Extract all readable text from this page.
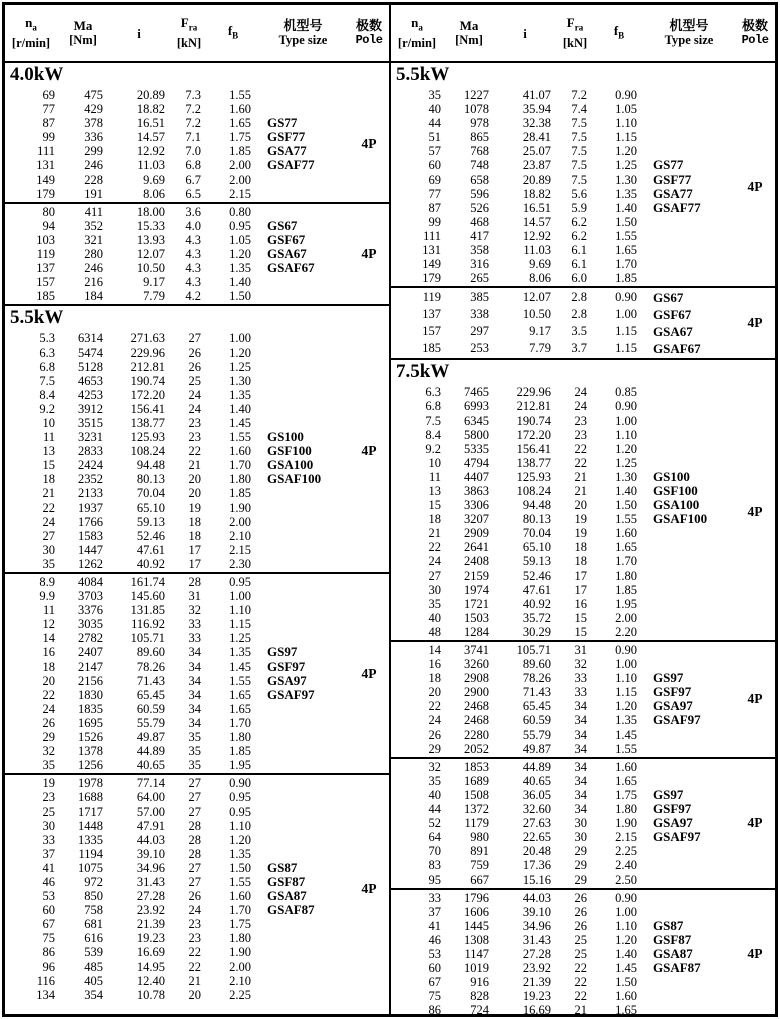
$n_a$
[r/min]
Ma
[Nm]	i
$F_{ra}$
[kN]
$f_B$
机型号
Type size
极数
Pole
4.0kW
69	475	20.89	7.3	1.55
77	429	18.82	7.2	1.60
87	378	16.51	7.2	1.65	GS77
99	336	14.57	7.1	1.75	GSF77
111	299	12.92	7.0	1.85	GSA77
131	246	11.03	6.8	2.00	GSAF77
149	228	9.69	6.7	2.00
179	191	8.06	6.5	2.15
4P
80	411	18.00	3.6	0.80
94	352	15.33	4.0	0.95	GS67
103	321	13.93	4.3	1.05	GSF67
119	280	12.07	4.3	1.20	GSA67
137	246	10.50	4.3	1.35	GSAF67
157	216	9.17	4.3	1.40
185	184	7.79	4.2	1.50
4P
5.5kW
5.3	6314	271.63	27	1.00
6.3	5474	229.96	26	1.20
6.8	5128	212.81	26	1.25
7.5	4653	190.74	25	1.30
8.4	4253	172.20	24	1.35
9.2	3912	156.41	24	1.40
10	3515	138.77	23	1.45
11	3231	125.93	23	1.55	GS100
13	2833	108.24	22	1.60	GSF100
15	2424	94.48	21	1.70	GSA100
18	2352	80.13	20	1.80	GSAF100
21	2133	70.04	20	1.85
22	1937	65.10	19	1.90
24	1766	59.13	18	2.00
27	1583	52.46	18	2.10
30	1447	47.61	17	2.15
35	1262	40.92	17	2.30
4P
8.9	4084	161.74	28	0.95
9.9	3703	145.60	31	1.00
11	3376	131.85	32	1.10
12	3035	116.92	33	1.15
14	2782	105.71	33	1.25
16	2407	89.60	34	1.35	GS97
18	2147	78.26	34	1.45	GSF97
20	2156	71.43	34	1.55	GSA97
22	1830	65.45	34	1.65	GSAF97
24	1835	60.59	34	1.65
26	1695	55.79	34	1.70
29	1526	49.87	35	1.80
32	1378	44.89	35	1.85
35	1256	40.65	35	1.95
4P
19	1978	77.14	27	0.90
23	1688	64.00	27	0.95
25	1717	57.00	27	0.95
30	1448	47.91	28	1.10
33	1335	44.03	28	1.20
37	1194	39.10	28	1.35
41	1075	34.96	27	1.50	GS87
46	972	31.43	27	1.55	GSF87
53	850	27.28	26	1.60	GSA87
60	758	23.92	24	1.70	GSAF87
67	681	21.39	23	1.75
75	616	19.23	23	1.80
86	539	16.69	22	1.90
96	485	14.95	22	2.00
116	405	12.40	21	2.10
134	354	10.78	20	2.25
4P
$n_a$
[r/min]
Ma
[Nm]	i
$F_{ra}$
[kN]
$f_B$
机型号
Type size
极数
Pole
5.5kW
35	1227	41.07	7.2	0.90
40	1078	35.94	7.4	1.05
44	978	32.38	7.5	1.10
51	865	28.41	7.5	1.15
57	768	25.07	7.5	1.20
60	748	23.87	7.5	1.25	GS77
69	658	20.89	7.5	1.30	GSF77
77	596	18.82	5.6	1.35	GSA77
87	526	16.51	5.9	1.40	GSAF77
99	468	14.57	6.2	1.50
111	417	12.92	6.2	1.55
131	358	11.03	6.1	1.65
149	316	9.69	6.1	1.70
179	265	8.06	6.0	1.85
4P
119	385	12.07	2.8	0.90	GS67
137	338	10.50	2.8	1.00	GSF67
157	297	9.17	3.5	1.15	GSA67
185	253	7.79	3.7	1.15	GSAF67
4P
7.5kW
6.3	7465	229.96	24	0.85
6.8	6993	212.81	24	0.90
7.5	6345	190.74	23	1.00
8.4	5800	172.20	23	1.10
9.2	5335	156.41	22	1.20
10	4794	138.77	22	1.25
11	4407	125.93	21	1.30	GS100
13	3863	108.24	21	1.40	GSF100
15	3306	94.48	20	1.50	GSA100
18	3207	80.13	19	1.55	GSAF100
21	2909	70.04	19	1.60
22	2641	65.10	18	1.65
24	2408	59.13	18	1.70
27	2159	52.46	17	1.80
30	1974	47.61	17	1.85
35	1721	40.92	16	1.95
40	1503	35.72	15	2.00
48	1284	30.29	15	2.20
4P
14	3741	105.71	31	0.90
16	3260	89.60	32	1.00
18	2908	78.26	33	1.10	GS97
20	2900	71.43	33	1.15	GSF97
22	2468	65.45	34	1.20	GSA97
24	2468	60.59	34	1.35	GSAF97
26	2280	55.79	34	1.45
29	2052	49.87	34	1.55
4P
32	1853	44.89	34	1.60
35	1689	40.65	34	1.65
40	1508	36.05	34	1.75	GS97
44	1372	32.60	34	1.80	GSF97
52	1179	27.63	30	1.90	GSA97
64	980	22.65	30	2.15	GSAF97
70	891	20.48	29	2.25
83	759	17.36	29	2.40
95	667	15.16	29	2.50
4P
33	1796	44.03	26	0.90
37	1606	39.10	26	1.00
41	1445	34.96	26	1.10	GS87
46	1308	31.43	25	1.20	GSF87
53	1147	27.28	25	1.40	GSA87
60	1019	23.92	22	1.45	GSAF87
67	916	21.39	22	1.50
75	828	19.23	22	1.60
86	724	16.69	21	1.65
4P
